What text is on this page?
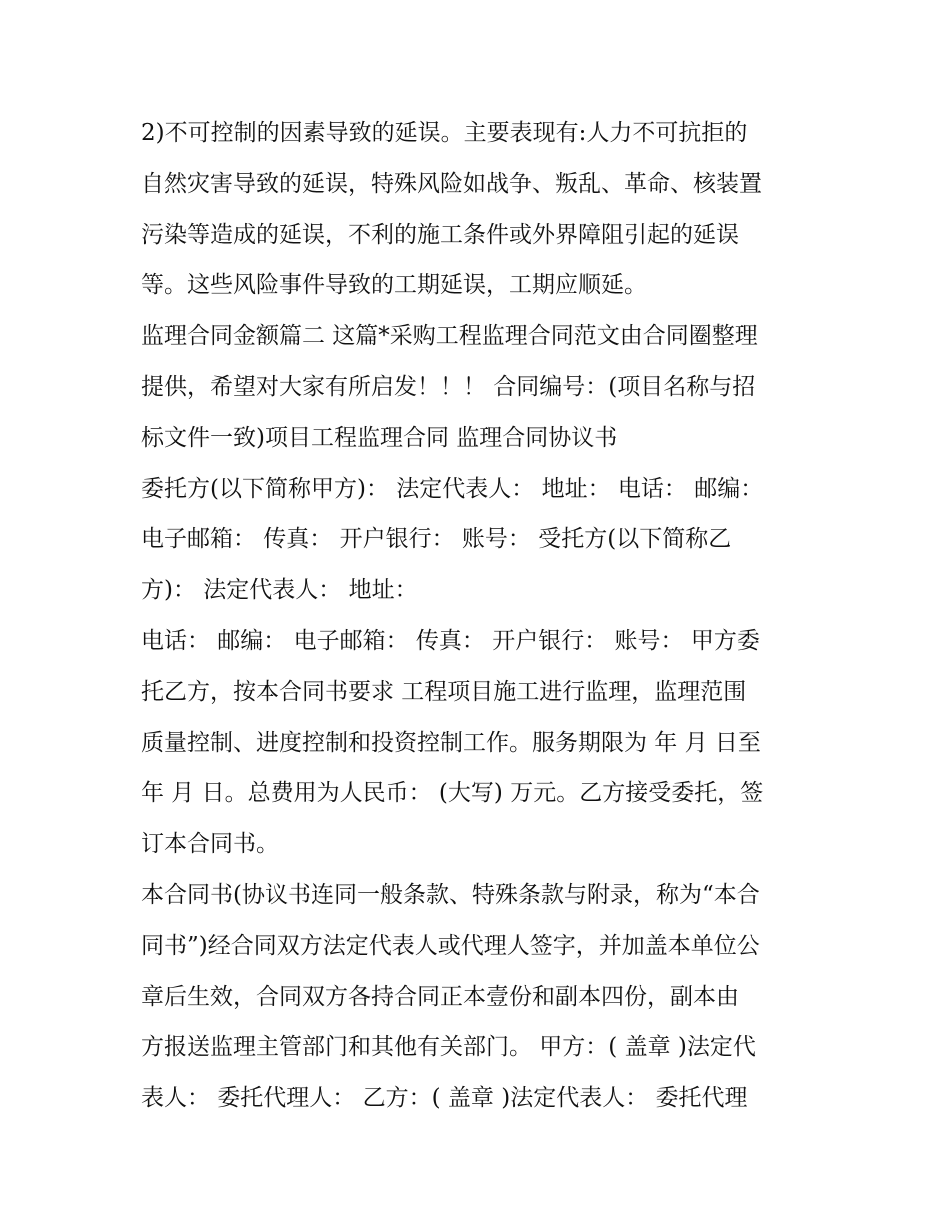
2)不可控制的因素导致的延误。主要表现有:人力不可抗拒的
自然灾害导致的延误，特殊风险如战争、叛乱、革命、核装置
污染等造成的延误，不利的施工条件或外界障阻引起的延误
等。这些风险事件导致的工期延误，工期应顺延。
监理合同金额篇二 这篇*采购工程监理合同范文由合同圈整理
提供，希望对大家有所启发！！！ 合同编号：(项目名称与招
标文件一致)项目工程监理合同 监理合同协议书
委托方(以下简称甲方)： 法定代表人： 地址： 电话： 邮编：
电子邮箱： 传真： 开户银行： 账号： 受托方(以下简称乙
方)： 法定代表人： 地址：
电话： 邮编： 电子邮箱： 传真： 开户银行： 账号： 甲方委
托乙方，按本合同书要求 工程项目施工进行监理，监理范围
质量控制、进度控制和投资控制工作。服务期限为 年 月 日至
年 月 日。总费用为人民币： (大写) 万元。乙方接受委托，签
订本合同书。
本合同书(协议书连同一般条款、特殊条款与附录，称为“本合
同书”)经合同双方法定代表人或代理人签字，并加盖本单位公
章后生效，合同双方各持合同正本壹份和副本四份，副本由
方报送监理主管部门和其他有关部门。 甲方：( 盖章 )法定代
表人： 委托代理人： 乙方：( 盖章 )法定代表人： 委托代理
